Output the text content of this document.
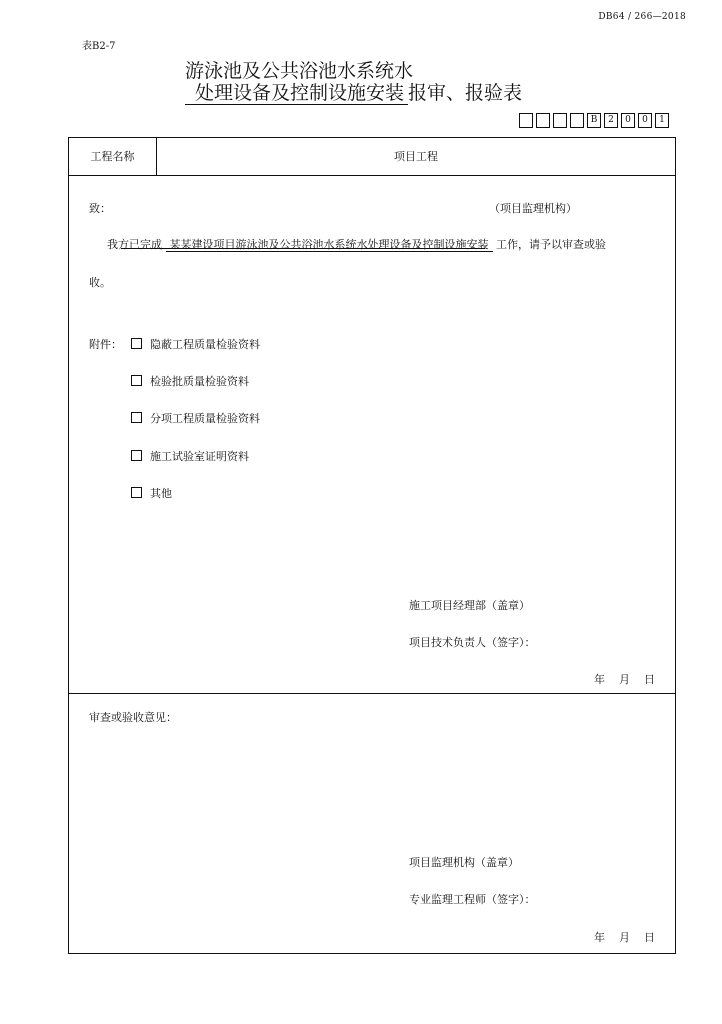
DB64 / 266—2018
表B2-7
游泳池及公共浴池水系统水
处理设备及控制设施安装 报审、报验表
B	2	0	0	1
工程名称	项目工程
致：	（项目监理机构）
我方已完成 某某建设项目游泳池及公共浴池水系统水处理设备及控制设施安装 工作，请予以审查或验
收。
附件：	隐蔽工程质量检验资料
检验批质量检验资料
分项工程质量检验资料
施工试验室证明资料
其他
施工项目经理部（盖章）
项目技术负责人（签字）：
年    月    日
审查或验收意见：
项目监理机构（盖章）
专业监理工程师（签字）：
年    月    日
